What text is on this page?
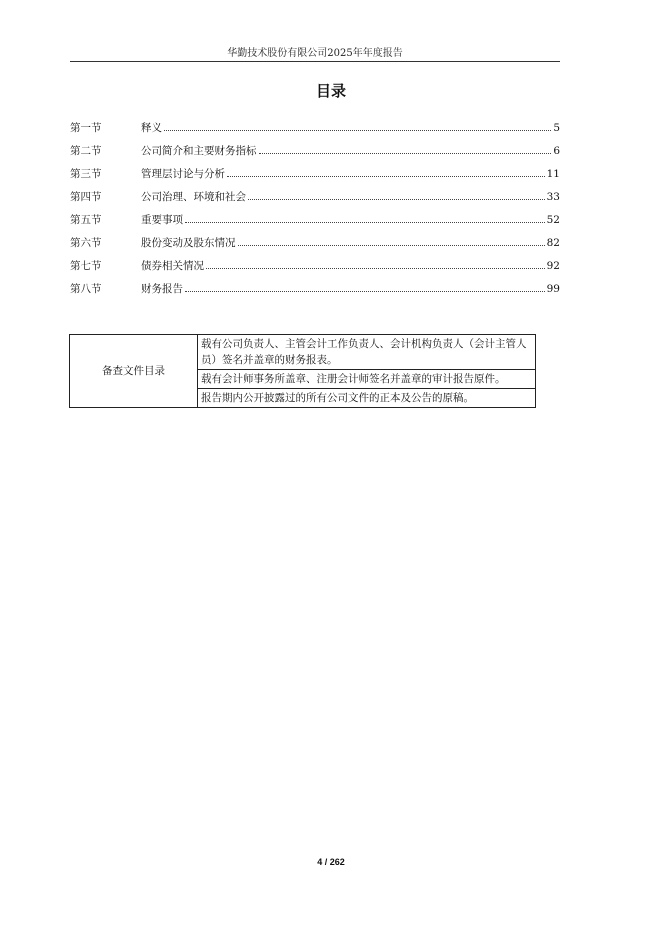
华勤技术股份有限公司2025年年度报告
目录
第一节	释义	5
第二节	公司简介和主要财务指标	6
第三节	管理层讨论与分析	11
第四节	公司治理、环境和社会	33
第五节	重要事项	52
第六节	股份变动及股东情况	82
第七节	债券相关情况	92
第八节	财务报告	99
备查文件目录	载有公司负责人、主管会计工作负责人、会计机构负责人（会计主管人员）签名并盖章的财务报表。
载有会计师事务所盖章、注册会计师签名并盖章的审计报告原件。
报告期内公开披露过的所有公司文件的正本及公告的原稿。
4 / 262
